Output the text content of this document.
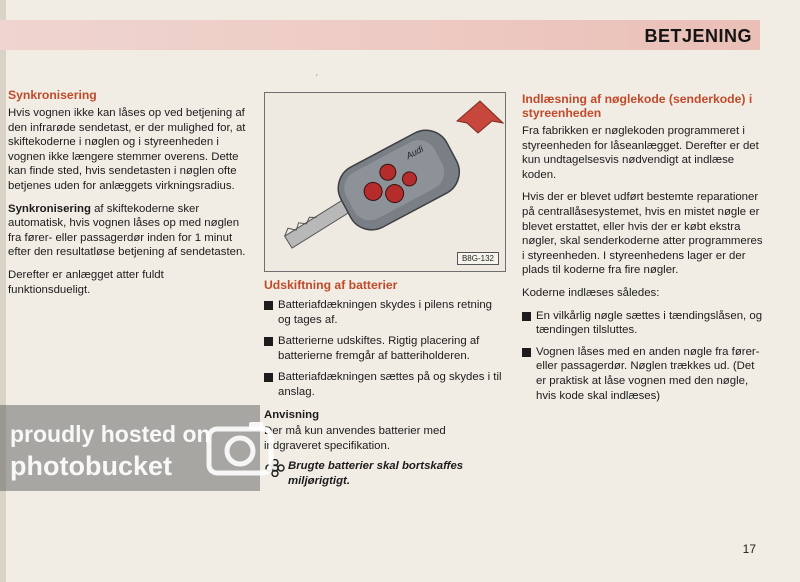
BETJENING
′
Synkronisering

Hvis vognen ikke kan låses op ved betjening af den infrarøde sendetast, er der mulighed for, at skiftekoderne i nøglen og i styreenheden i vognen ikke længere stemmer overens. Dette kan finde sted, hvis sendetasten i nøglen ofte betjenes uden for anlæggets virkningsradius.

Synkronisering af skiftekoderne sker automatisk, hvis vognen låses op med nøglen fra fører- eller passagerdør inden for 1 minut efter den resultatløse betjening af sendetasten.

Derefter er anlægget atter fuldt funktionsdueligt.

Audi
B8G-132
Udskiftning af batterier
Batteriafdækningen skydes i pilens retning og tages af.
Batterierne udskiftes. Rigtig placering af batterierne fremgår af batteriholderen.
Batteriafdækningen sættes på og skydes i til anslag.
Anvisning
Der må kun anvendes batterier med indgraveret specifikation.
Brugte batterier skal bortskaffes miljørigtigt.
Indlæsning af nøglekode (senderkode) i styreenheden

Fra fabrikken er nøglekoden programmeret i styreenheden for låseanlægget. Derefter er det kun undtagelsesvis nødvendigt at indlæse koden.

Hvis der er blevet udført bestemte reparationer på centrallåsesystemet, hvis en mistet nøgle er blevet erstattet, eller hvis der er købt ekstra nøgler, skal senderkoderne atter programmeres i styreenheden. I styreenhedens lager er der plads til koderne fra fire nøgler.

Koderne indlæses således:

En vilkårlig nøgle sættes i tændingslåsen, og tændingen tilsluttes.
Vognen låses med en anden nøgle fra fører- eller passagerdør. Nøglen trækkes ud. (Det er praktisk at låse vognen med den nøgle, hvis kode skal indlæses)
17
proudly hosted on
photobucket
